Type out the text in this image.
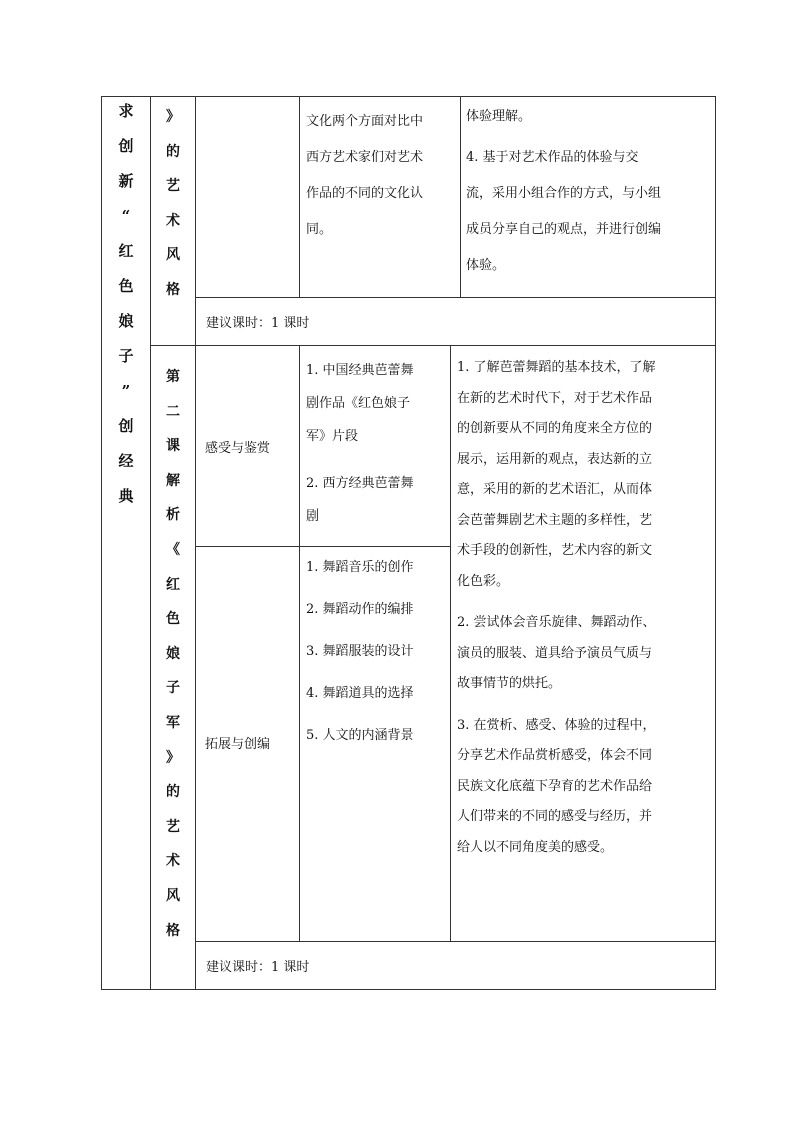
求
创
新
“
红
色
娘
子
”
创
经
典
》
的
艺
术
风
格
第
二
课
解
析
《
红
色
娘
子
军
》
的
艺
术
风
格
文化两个方面对比中
西方艺术家们对艺术
作品的不同的文化认
同。
体验理解。
4. 基于对艺术作品的体验与交
流，采用小组合作的方式，与小组
成员分享自己的观点，并进行创编
体验。
建议课时：1 课时
感受与鉴赏
1. 中国经典芭蕾舞
剧作品《红色娘子
军》片段
2. 西方经典芭蕾舞
剧
拓展与创编
1. 舞蹈音乐的创作
2. 舞蹈动作的编排
3. 舞蹈服装的设计
4. 舞蹈道具的选择
5. 人文的内涵背景
1. 了解芭蕾舞蹈的基本技术，了解
在新的艺术时代下，对于艺术作品
的创新要从不同的角度来全方位的
展示，运用新的观点，表达新的立
意，采用的新的艺术语汇，从而体
会芭蕾舞剧艺术主题的多样性，艺
术手段的创新性，艺术内容的新文
化色彩。
2. 尝试体会音乐旋律、舞蹈动作、
演员的服装、道具给予演员气质与
故事情节的烘托。
3. 在赏析、感受、体验的过程中，
分享艺术作品赏析感受，体会不同
民族文化底蕴下孕育的艺术作品给
人们带来的不同的感受与经历，并
给人以不同角度美的感受。
建议课时：1 课时
